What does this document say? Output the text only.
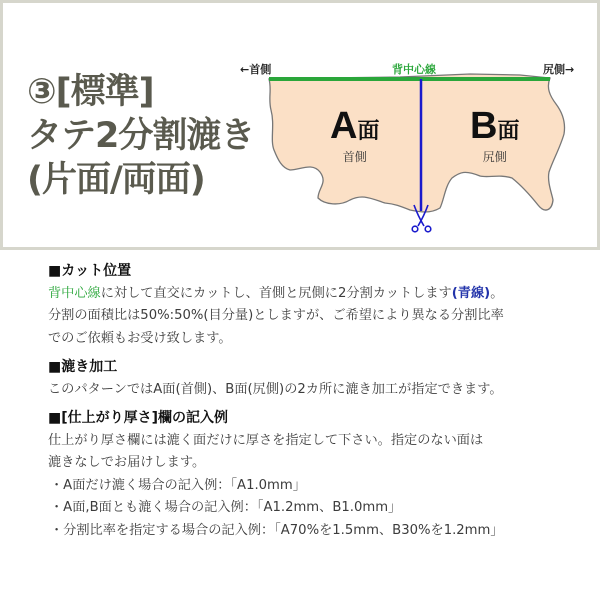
③[標準]
タテ2分割漉き
(片面/両面)
←首側	背中心線	尻側→
A面
首側
B面
尻側

■カット位置

背中心線に対して直交にカットし、首側と尻側に2分割カットします(青線)。

分割の面積比は50%:50%(目分量)としますが、ご希望により異なる分割比率

でのご依頼もお受け致します。

■漉き加工

このパターンではA面(首側)、B面(尻側)の2カ所に漉き加工が指定できます。

■[仕上がり厚さ]欄の記入例

仕上がり厚さ欄には漉く面だけに厚さを指定して下さい。指定のない面は

漉きなしでお届けします。

・A面だけ漉く場合の記入例：「A1.0mm」

・A面,B面とも漉く場合の記入例：「A1.2mm、B1.0mm」

・分割比率を指定する場合の記入例：「A70%を1.5mm、B30%を1.2mm」
